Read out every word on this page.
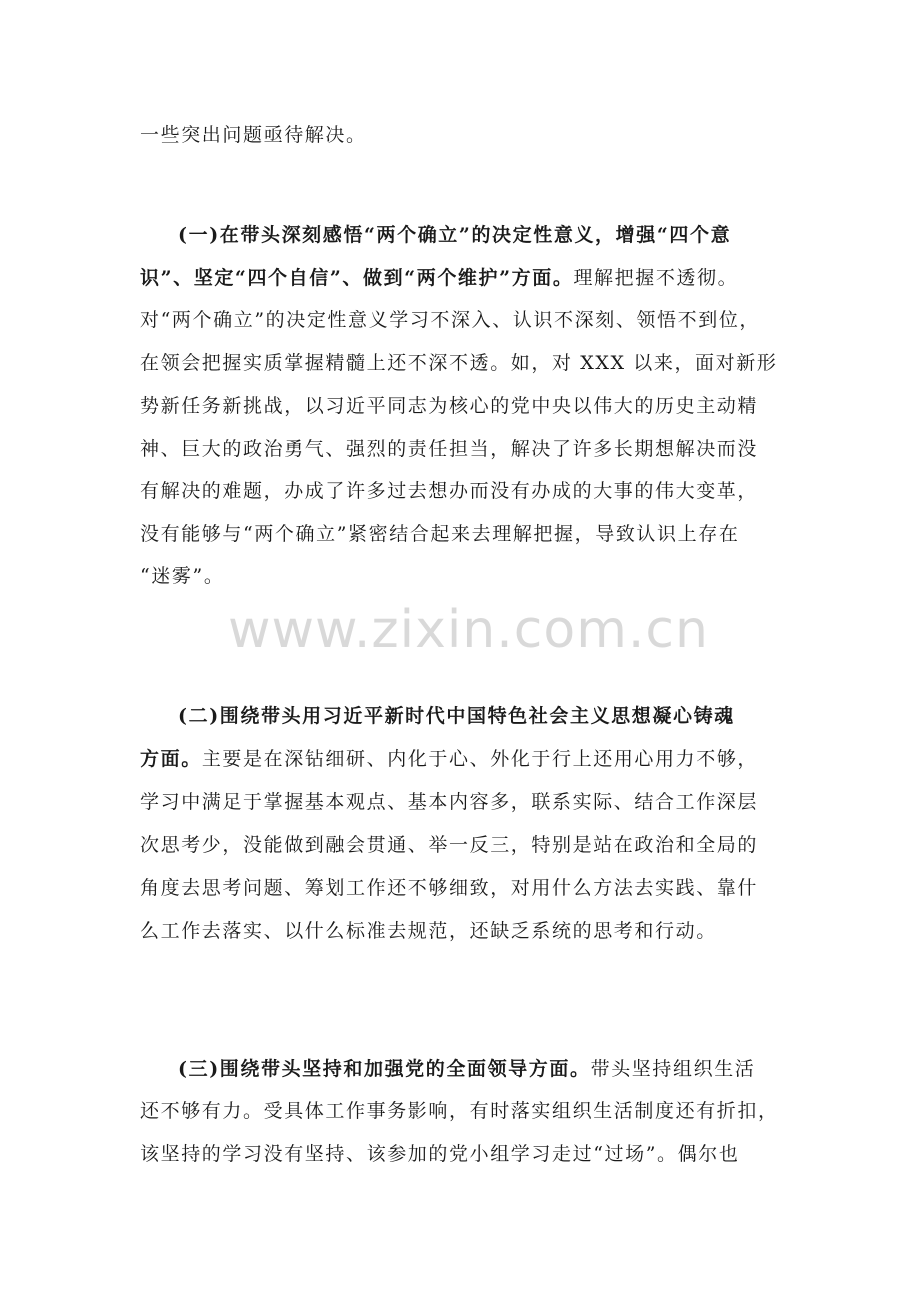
一些突出问题亟待解决。
(一)在带头深刻感悟“两个确立”的决定性意义，增强“四个意
识”、坚定“四个自信”、做到“两个维护”方面。理解把握不透彻。
对“两个确立”的决定性意义学习不深入、认识不深刻、领悟不到位，
在领会把握实质掌握精髓上还不深不透。如，对 XXX 以来，面对新形
势新任务新挑战，以习近平同志为核心的党中央以伟大的历史主动精
神、巨大的政治勇气、强烈的责任担当，解决了许多长期想解决而没
有解决的难题，办成了许多过去想办而没有办成的大事的伟大变革，
没有能够与“两个确立”紧密结合起来去理解把握，导致认识上存在
“迷雾”。
(二)围绕带头用习近平新时代中国特色社会主义思想凝心铸魂
方面。主要是在深钻细研、内化于心、外化于行上还用心用力不够，
学习中满足于掌握基本观点、基本内容多，联系实际、结合工作深层
次思考少，没能做到融会贯通、举一反三，特别是站在政治和全局的
角度去思考问题、筹划工作还不够细致，对用什么方法去实践、靠什
么工作去落实、以什么标准去规范，还缺乏系统的思考和行动。
(三)围绕带头坚持和加强党的全面领导方面。带头坚持组织生活
还不够有力。受具体工作事务影响，有时落实组织生活制度还有折扣，
该坚持的学习没有坚持、该参加的党小组学习走过“过场”。偶尔也
www.zixin.com.cn
